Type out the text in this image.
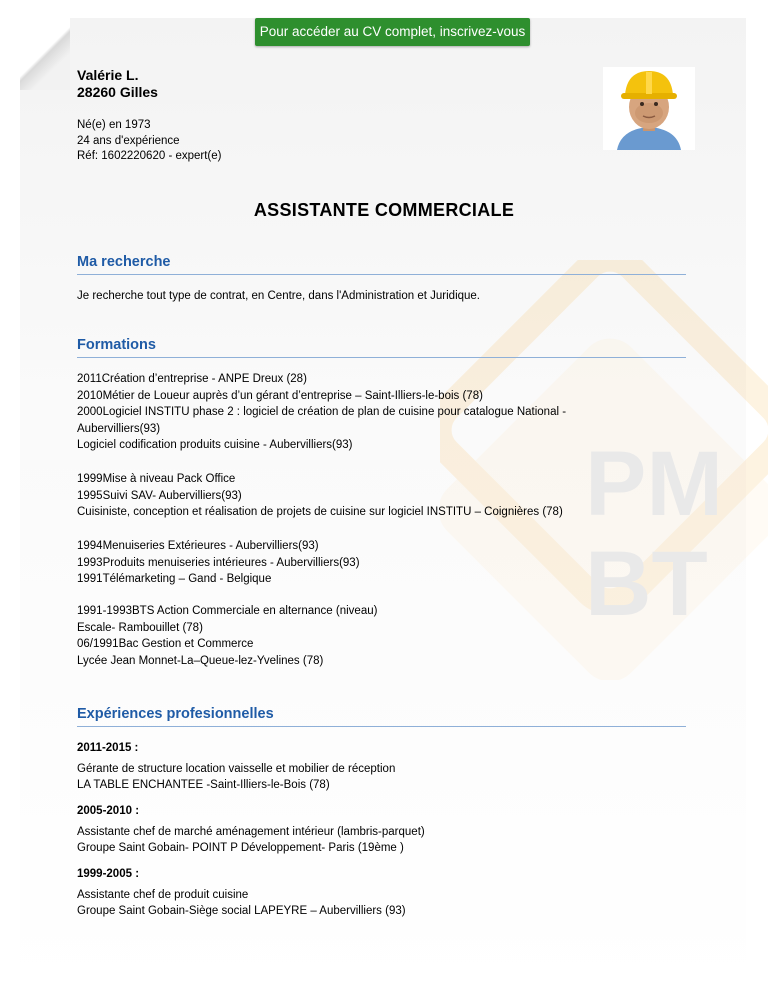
PM
BT
Pour accéder au CV complet, inscrivez-vous
Valérie L.
28260 Gilles
Né(e) en 1973
24 ans d'expérience
Réf: 1602220620 - expert(e)
ASSISTANTE COMMERCIALE
Ma recherche
Je recherche tout type de contrat, en Centre, dans l'Administration et Juridique.
Formations
2011Création d’entreprise - ANPE Dreux (28)
2010Métier de Loueur auprès d’un gérant d’entreprise – Saint-Illiers-le-bois (78)
2000Logiciel INSTITU phase 2 : logiciel de création de plan de cuisine pour catalogue National -
Aubervilliers(93)
Logiciel codification produits cuisine - Aubervilliers(93)
1999Mise à niveau Pack Office
1995Suivi SAV- Aubervilliers(93)
Cuisiniste, conception et réalisation de projets de cuisine sur logiciel INSTITU – Coignières (78)
1994Menuiseries Extérieures - Aubervilliers(93)
1993Produits menuiseries intérieures - Aubervilliers(93)
1991Télémarketing – Gand - Belgique
1991-1993BTS Action Commerciale en alternance (niveau)
Escale- Rambouillet (78)
06/1991Bac Gestion et Commerce
Lycée Jean Monnet-La–Queue-lez-Yvelines (78)
Expériences profesionnelles
2011-2015 :
Gérante de structure location vaisselle et mobilier de réception
LA TABLE ENCHANTEE -Saint-Illiers-le-Bois (78)
2005-2010 :
Assistante chef de marché aménagement intérieur (lambris-parquet)
Groupe Saint Gobain- POINT P Développement- Paris (19ème )
1999-2005 :
Assistante chef de produit cuisine
Groupe Saint Gobain-Siège social LAPEYRE – Aubervilliers (93)
